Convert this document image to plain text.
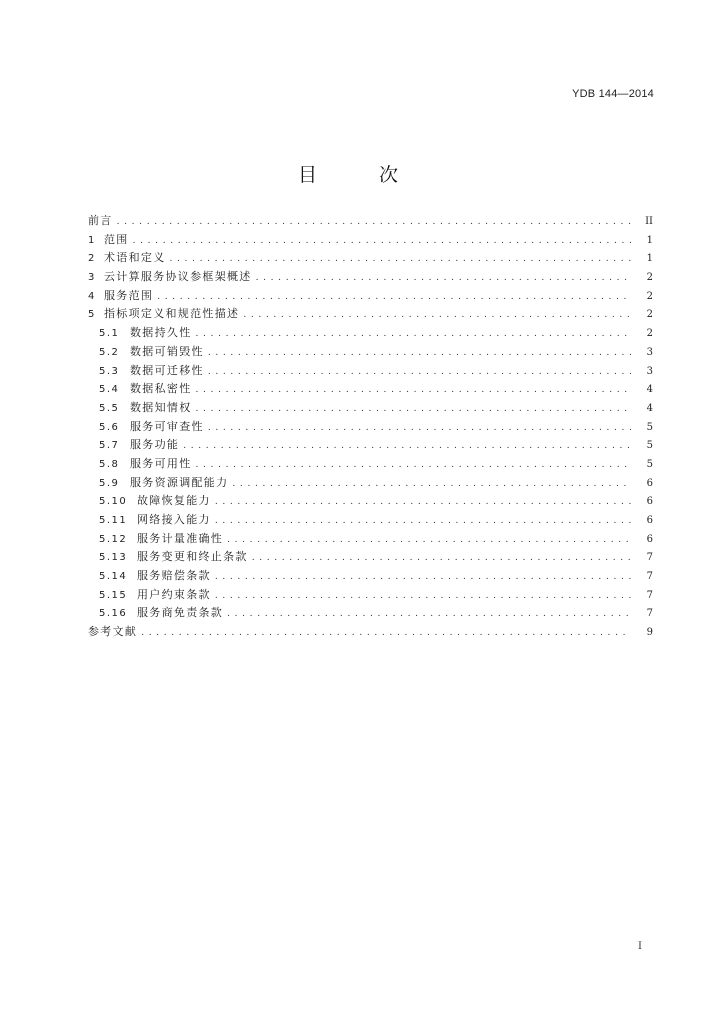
YDB 144—2014
目 次
前言 . . .	II
1 范围 . . .	1
2 术语和定义 . . .	1
3 云计算服务协议参框架概述 . . .	2
4 服务范围 . . .	2
5 指标项定义和规范性描述 . . .	2
5.1 数据持久性 . . .	2
5.2 数据可销毁性 . . .	3
5.3 数据可迁移性 . . .	3
5.4 数据私密性 . . .	4
5.5 数据知情权 . . .	4
5.6 服务可审查性 . . .	5
5.7 服务功能 . . .	5
5.8 服务可用性 . . .	5
5.9 服务资源调配能力 . . .	6
5.10 故障恢复能力 . . .	6
5.11 网络接入能力 . . .	6
5.12 服务计量准确性 . . .	6
5.13 服务变更和终止条款 . . .	7
5.14 服务赔偿条款 . . .	7
5.15 用户约束条款 . . .	7
5.16 服务商免责条款 . . .	7
参考文献 . . .	9
I
